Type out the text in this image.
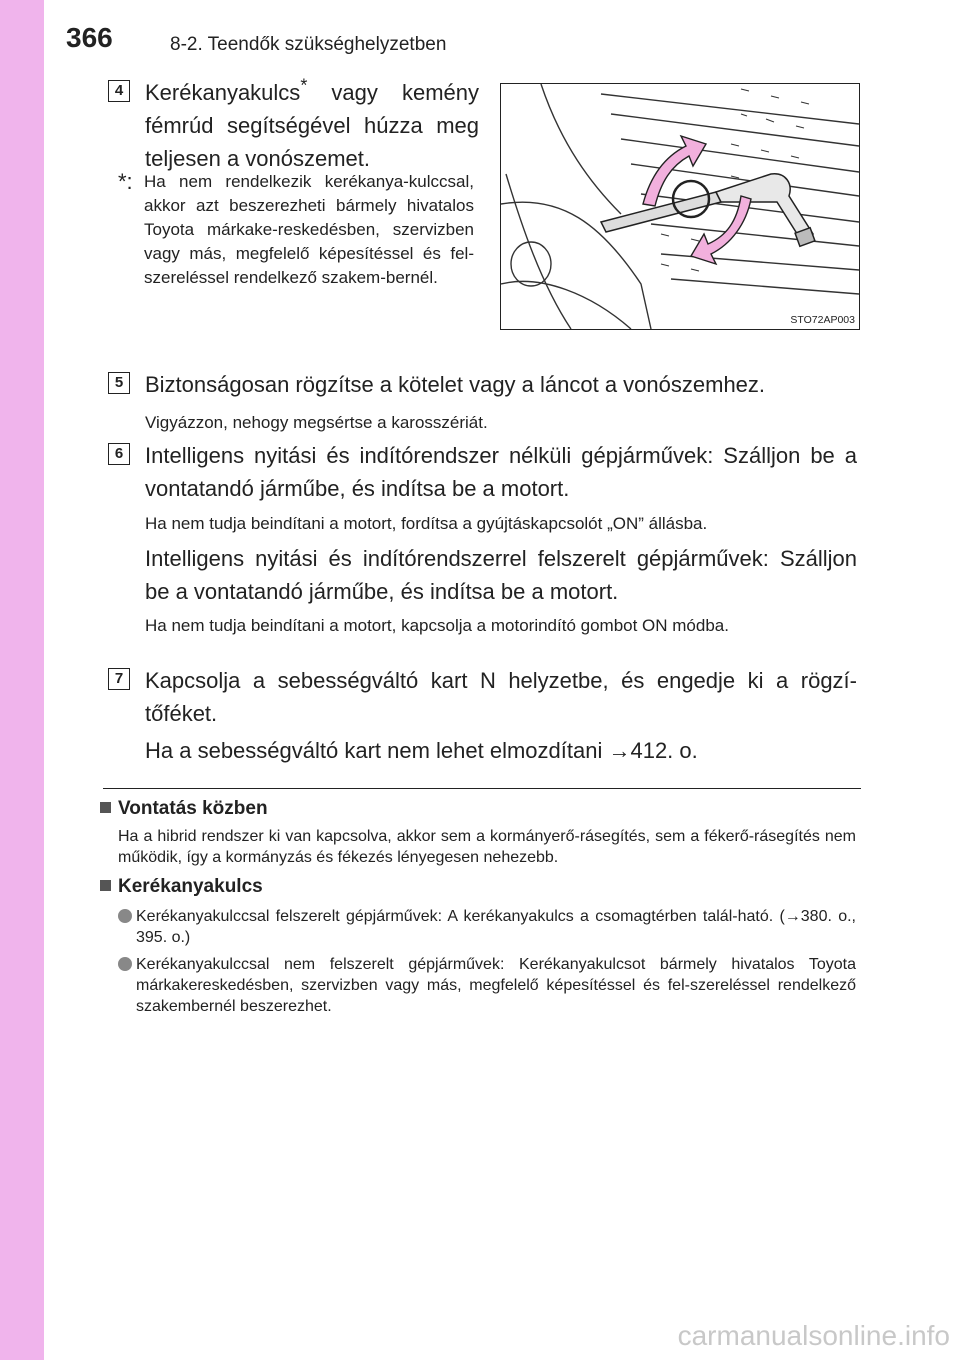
366	8-2. Teendők szükséghelyzetben
4 Kerékanyakulcs* vagy kemény fémrúd segítségével húzza meg teljesen a vonószemet.
*: Ha nem rendelkezik kerékanya-kulccsal, akkor azt beszerezheti bármely hivatalos Toyota márkake-reskedésben, szervizben vagy más, megfelelő képesítéssel és fel-szereléssel rendelkező szakem-bernél.
STO72AP003
5 Biztonságosan rögzítse a kötelet vagy a láncot a vonószemhez.
Vigyázzon, nehogy megsértse a karosszériát.
6 Intelligens nyitási és indítórendszer nélküli gépjárművek: Szálljon be a vontatandó járműbe, és indítsa be a motort.
Ha nem tudja beindítani a motort, fordítsa a gyújtáskapcsolót „ON” állásba.
Intelligens nyitási és indítórendszerrel felszerelt gépjárművek: Szálljon be a vontatandó járműbe, és indítsa be a motort.
Ha nem tudja beindítani a motort, kapcsolja a motorindító gombot ON módba.
7 Kapcsolja a sebességváltó kart N helyzetbe, és engedje ki a rögzí-tőféket.
Ha a sebességváltó kart nem lehet elmozdítani →412. o.
Vontatás közben
Ha a hibrid rendszer ki van kapcsolva, akkor sem a kormányerő-rásegítés, sem a fékerő-rásegítés nem működik, így a kormányzás és fékezés lényegesen nehezebb.
Kerékanyakulcs
Kerékanyakulccsal felszerelt gépjárművek: A kerékanyakulcs a csomagtérben talál-ható. (→380. o., 395. o.)
Kerékanyakulccsal nem felszerelt gépjárművek: Kerékanyakulcsot bármely hivatalos Toyota márkakereskedésben, szervizben vagy más, megfelelő képesítéssel és fel-szereléssel rendelkező szakembernél beszerezhet.
carmanualsonline.info
